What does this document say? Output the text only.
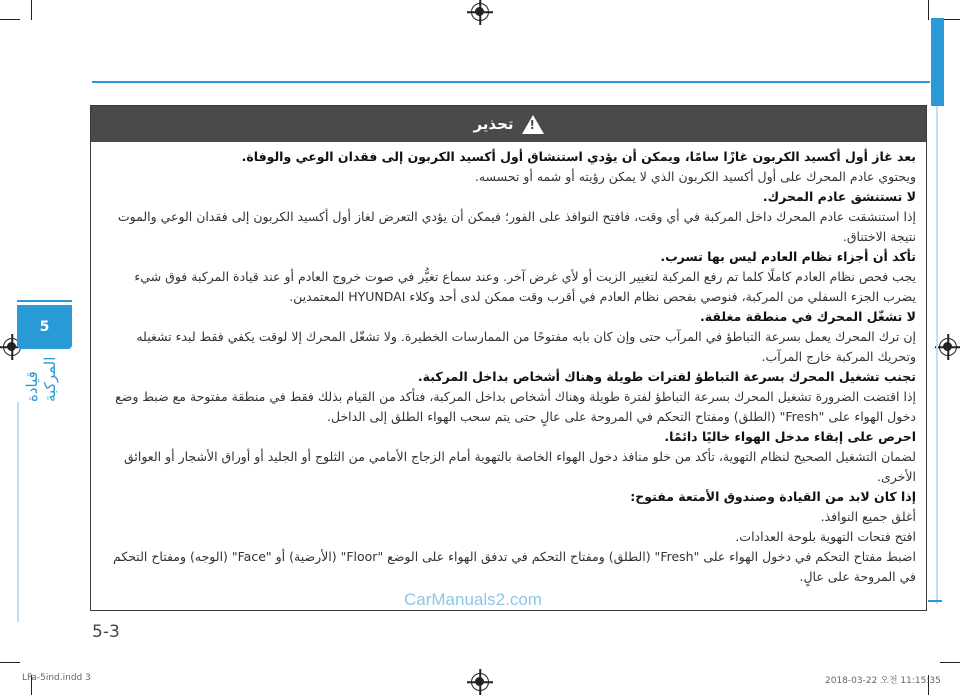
5
قيادة المركبة
!
تحذير

بعد غاز أول أكسيد الكربون غازًا سامًا، ويمكن أن يؤدي استنشاق أول أكسيد الكربون إلى فقدان الوعي والوفاة.

ويحتوي عادم المحرك على أول أكسيد الكربون الذي لا يمكن رؤيته أو شمه أو تحسسه.

لا تستنشق عادم المحرك.

إذا استنشقت عادم المحرك داخل المركبة في أي وقت، فافتح النوافذ على الفور؛ فيمكن أن يؤدي التعرض لغاز أول أكسيد الكربون إلى فقدان الوعي والموت نتيجة الاختناق.

تأكد أن أجزاء نظام العادم ليس بها تسرب.

يجب فحص نظام العادم كاملًا كلما تم رفع المركبة لتغيير الزيت أو لأي غرض آخر. وعند سماع تغيُّر في صوت خروج العادم أو عند قيادة المركبة فوق شيء يضرب الجزء السفلي من المركبة، فنوصي بفحص نظام العادم في أقرب وقت ممكن لدى أحد وكلاء HYUNDAI المعتمدين.

لا تشغّل المحرك في منطقة مغلقة.

إن ترك المحرك يعمل بسرعة التباطؤ في المرآب حتى وإن كان بابه مفتوحًا من الممارسات الخطيرة. ولا تشغّل المحرك إلا لوقت يكفي فقط لبدء تشغيله وتحريك المركبة خارج المرآب.

تجنب تشغيل المحرك بسرعة التباطؤ لفترات طويلة وهناك أشخاص بداخل المركبة.

إذا اقتضت الضرورة تشغيل المحرك بسرعة التباطؤ لفترة طويلة وهناك أشخاص بداخل المركبة، فتأكد من القيام بذلك فقط في منطقة مفتوحة مع ضبط وضع دخول الهواء على "Fresh" (الطلق) ومفتاح التحكم في المروحة على عالٍ حتى يتم سحب الهواء الطلق إلى الداخل.

احرص على إبقاء مدخل الهواء خاليًا دائمًا.

لضمان التشغيل الصحيح لنظام التهوية، تأكد من خلو منافذ دخول الهواء الخاصة بالتهوية أمام الزجاج الأمامي من الثلوج أو الجليد أو أوراق الأشجار أو العوائق الأخرى.

إذا كان لابد من القيادة وصندوق الأمتعة مفتوح:

أغلق جميع النوافذ.

افتح فتحات التهوية بلوحة العدادات.

اضبط مفتاح التحكم في دخول الهواء على "Fresh" (الطلق) ومفتاح التحكم في تدفق الهواء على الوضع "Floor" (الأرضية) أو "Face" (الوجه) ومفتاح التحكم في المروحة على عالٍ.

CarManuals2.com
5-3
LFa-5ind.indd 3	2018-03-22 오전 11:15:35
